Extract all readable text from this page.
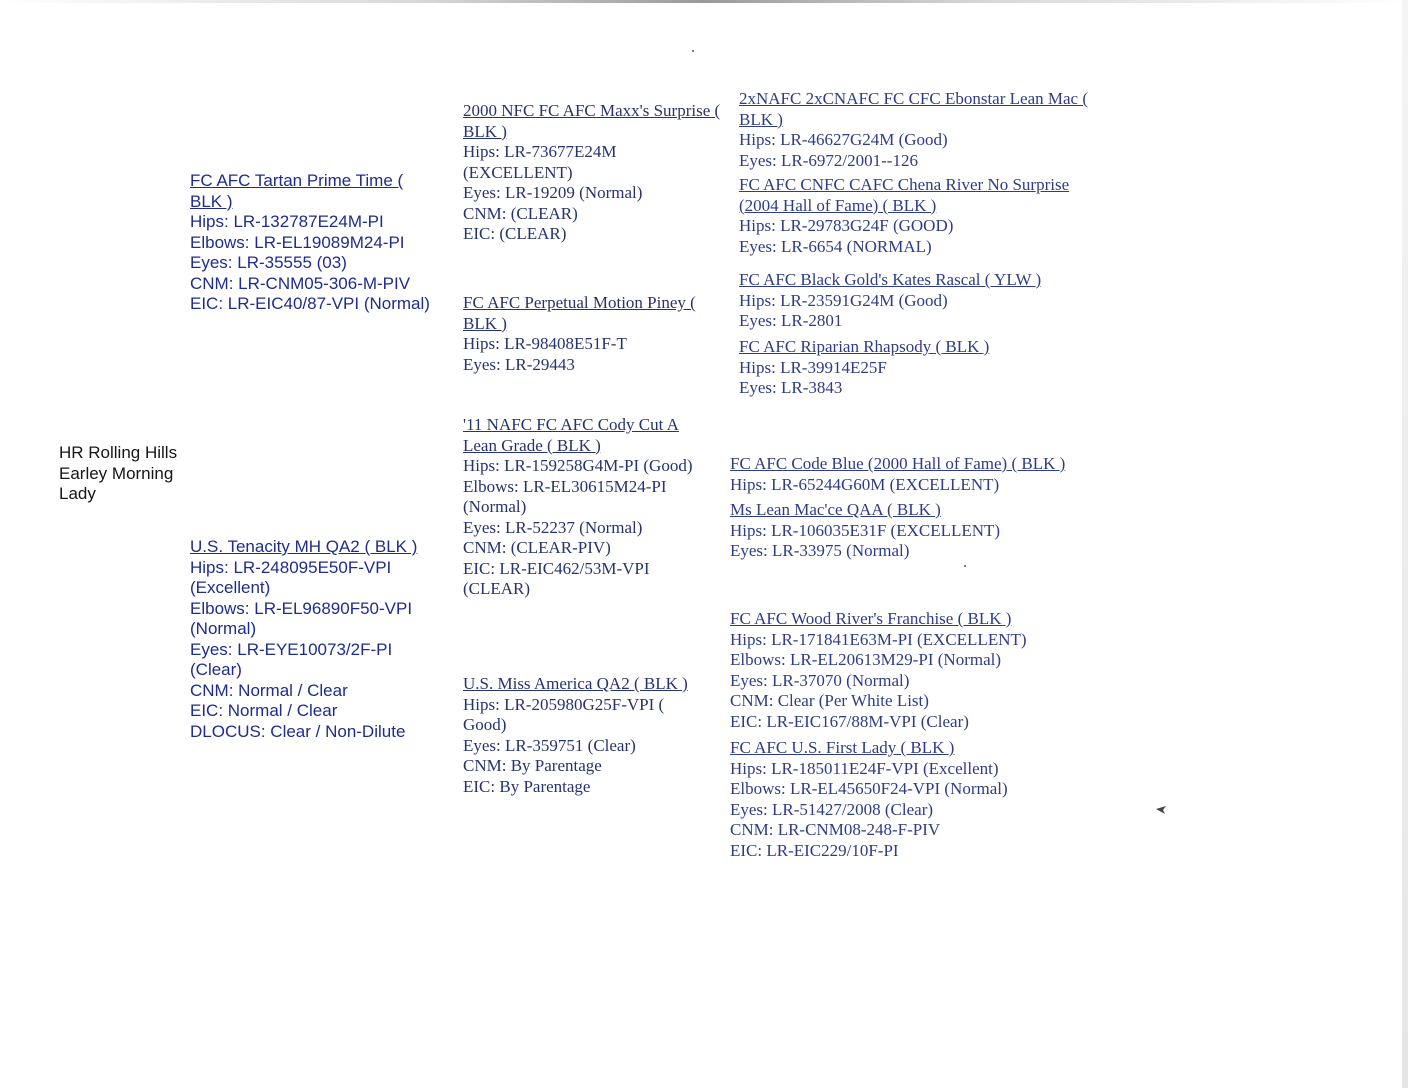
HR Rolling Hills
Earley Morning
Lady
FC AFC Tartan Prime Time ( BLK )
Hips: LR-132787E24M-PI
Elbows: LR-EL19089M24-PI
Eyes: LR-35555 (03)
CNM: LR-CNM05-306-M-PIV
EIC: LR-EIC40/87-VPI (Normal)
U.S. Tenacity MH QA2 ( BLK )
Hips: LR-248095E50F-VPI (Excellent)
Elbows: LR-EL96890F50-VPI (Normal)
Eyes: LR-EYE10073/2F-PI (Clear)
CNM: Normal / Clear
EIC: Normal / Clear
DLOCUS: Clear / Non-Dilute
2000 NFC FC AFC Maxx's Surprise ( BLK )
Hips: LR-73677E24M (EXCELLENT)
Eyes: LR-19209 (Normal)
CNM: (CLEAR)
EIC: (CLEAR)
FC AFC Perpetual Motion Piney ( BLK )
Hips: LR-98408E51F-T
Eyes: LR-29443
'11 NAFC FC AFC Cody Cut A Lean Grade ( BLK )
Hips: LR-159258G4M-PI (Good)
Elbows: LR-EL30615M24-PI (Normal)
Eyes: LR-52237 (Normal)
CNM: (CLEAR-PIV)
EIC: LR-EIC462/53M-VPI (CLEAR)
U.S. Miss America QA2 ( BLK )
Hips: LR-205980G25F-VPI ( Good)
Eyes: LR-359751 (Clear)
CNM: By Parentage
EIC: By Parentage
2xNAFC 2xCNAFC FC CFC Ebonstar Lean Mac ( BLK )
Hips: LR-46627G24M (Good)
Eyes: LR-6972/2001--126
FC AFC CNFC CAFC Chena River No Surprise (2004 Hall of Fame) ( BLK )
Hips: LR-29783G24F (GOOD)
Eyes: LR-6654 (NORMAL)
FC AFC Black Gold's Kates Rascal ( YLW )
Hips: LR-23591G24M (Good)
Eyes: LR-2801
FC AFC Riparian Rhapsody ( BLK )
Hips: LR-39914E25F
Eyes: LR-3843
FC AFC Code Blue (2000 Hall of Fame) ( BLK )
Hips: LR-65244G60M (EXCELLENT)
Ms Lean Mac'ce QAA ( BLK )
Hips: LR-106035E31F (EXCELLENT)
Eyes: LR-33975 (Normal)
FC AFC Wood River's Franchise ( BLK )
Hips: LR-171841E63M-PI (EXCELLENT)
Elbows: LR-EL20613M29-PI (Normal)
Eyes: LR-37070 (Normal)
CNM: Clear (Per White List)
EIC: LR-EIC167/88M-VPI (Clear)
FC AFC U.S. First Lady ( BLK )
Hips: LR-185011E24F-VPI (Excellent)
Elbows: LR-EL45650F24-VPI (Normal)
Eyes: LR-51427/2008 (Clear)
CNM: LR-CNM08-248-F-PIV
EIC: LR-EIC229/10F-PI
